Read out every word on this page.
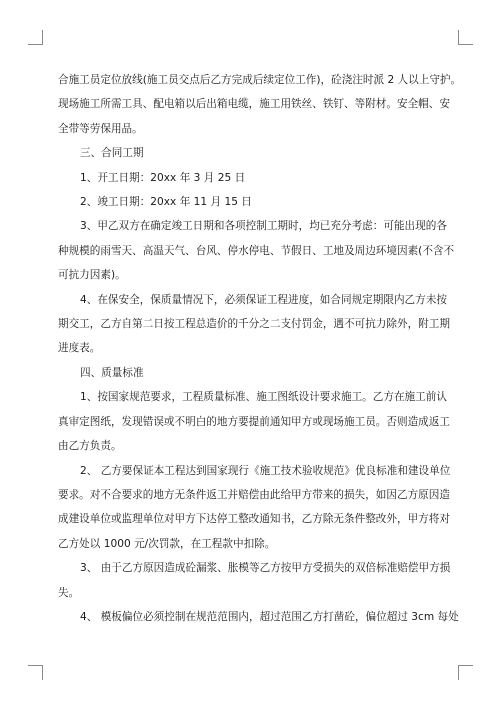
合施工员定位放线(施工员交点后乙方完成后续定位工作)，砼浇注时派 2 人以上守护。
现场施工所需工具、配电箱以后出箱电缆，施工用铁丝、铁钉、等附材。安全帽、安
全带等劳保用品。
三、合同工期
1、开工日期：20xx 年 3 月 25 日
2、竣工日期：20xx 年 11 月 15 日
3、甲乙双方在确定竣工日期和各项控制工期时，均已充分考虑：可能出现的各
种规模的雨雪天、高温天气、台风、停水停电、节假日、工地及周边环境因素(不含不
可抗力因素)。
4、在保安全，保质量情况下，必须保证工程进度，如合同规定期限内乙方未按
期交工，乙方自第二日按工程总造价的千分之二支付罚金，遇不可抗力除外，附工期
进度表。
四、质量标准
1、按国家规范要求，工程质量标准、施工图纸设计要求施工。乙方在施工前认
真审定图纸，发现错误或不明白的地方要提前通知甲方或现场施工员。否则造成返工
由乙方负责。
2、 乙方要保证本工程达到国家现行《施工技术验收规范》优良标准和建设单位
要求。对不合要求的地方无条件返工并赔偿由此给甲方带来的损失，如因乙方原因造
成建设单位或监理单位对甲方下达停工整改通知书，乙方除无条件整改外，甲方将对
乙方处以 1000 元/次罚款，在工程款中扣除。
3、 由于乙方原因造成砼漏浆、胀模等乙方按甲方受损失的双倍标准赔偿甲方损
失。
4、 模板偏位必须控制在规范范围内，超过范围乙方打凿砼，偏位超过 3cm 每处
